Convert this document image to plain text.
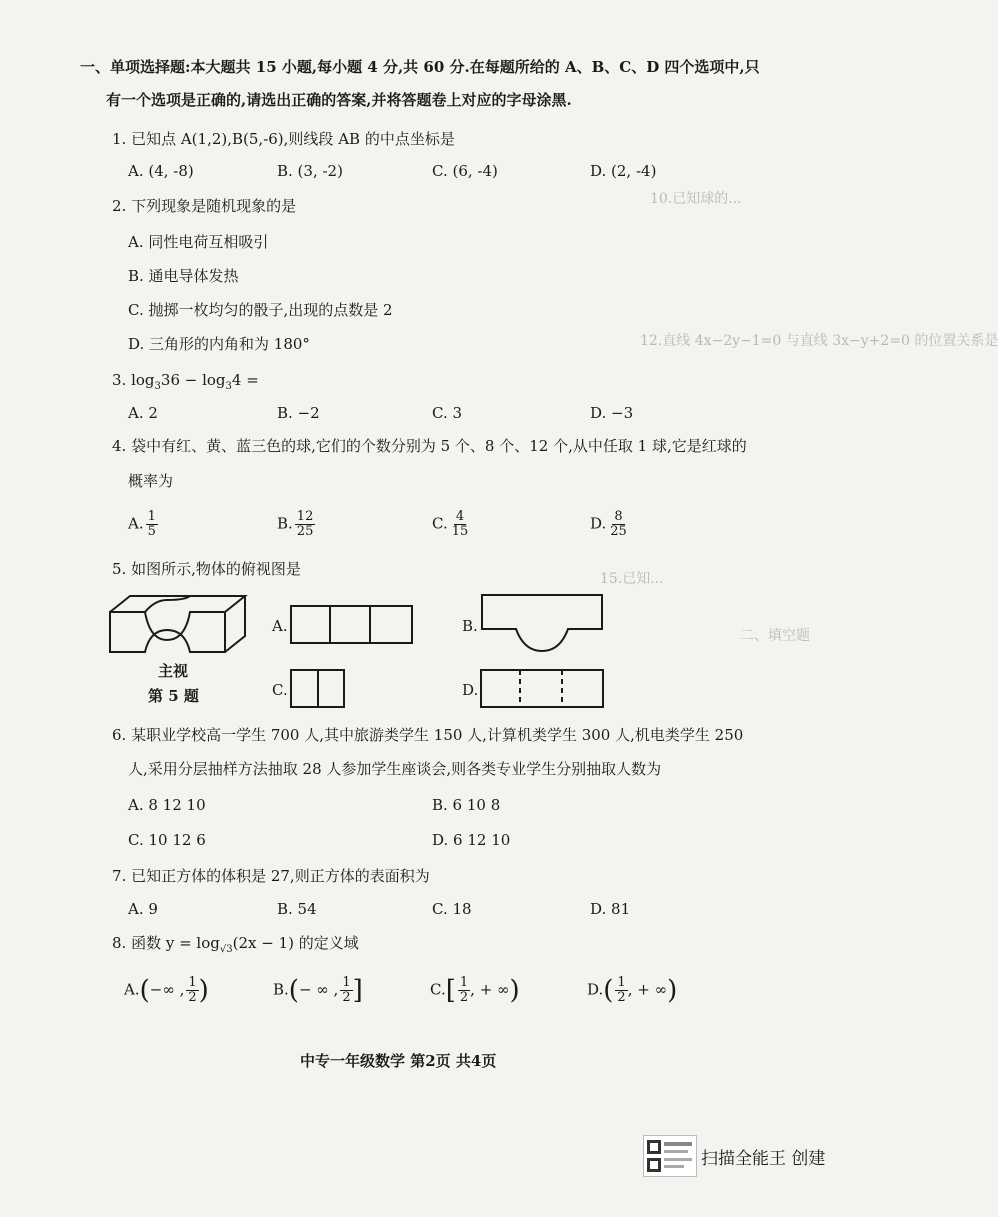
10.已知球的...
12.直线 4x−2y−1=0 与直线 3x−y+2=0 的位置关系是
15.已知...
二、填空题
一、单项选择题:本大题共 15 小题,每小题 4 分,共 60 分.在每题所给的 A、B、C、D 四个选项中,只
有一个选项是正确的,请选出正确的答案,并将答题卷上对应的字母涂黑.
1. 已知点 A(1,2),B(5,-6),则线段 AB 的中点坐标是
A. (4, -8)	B. (3, -2)	C. (6, -4)	D. (2, -4)
2. 下列现象是随机现象的是
A. 同性电荷互相吸引
B. 通电导体发热
C. 抛掷一枚均匀的骰子,出现的点数是 2
D. 三角形的内角和为 180°
3. $\log_336 - \log_34$ =
A. 2	B. −2	C. 3	D. −3
4. 袋中有红、黄、蓝三色的球,它们的个数分别为 5 个、8 个、12 个,从中任取 1 球,它是红球的
概率为
A. $\frac{1}{5}$	B. $\frac{12}{25}$	C. $\frac{4}{15}$	D. $\frac{8}{25}$
5. 如图所示,物体的俯视图是
主视
第 5 题
A.	B.
C.	D.
6. 某职业学校高一学生 700 人,其中旅游类学生 150 人,计算机类学生 300 人,机电类学生 250
人,采用分层抽样方法抽取 28 人参加学生座谈会,则各类专业学生分别抽取人数为
A. 8 12 10	B. 6 10 8
C. 10 12 6	D. 6 12 10
7. 已知正方体的体积是 27,则正方体的表面积为
A. 9	B. 54	C. 18	D. 81
8. 函数 $y = \log_{√3}(2x - 1)$ 的定义域
A.(−∞ , $\frac{1}{2}$ )	B.(− ∞ , $\frac{1}{2}$ ]	$C.[ \frac{1}{2}$ , + ∞)	$D.( \frac{1}{2}$ , + ∞)
中专一年级数学 第2页 共4页
扫描全能王 创建
